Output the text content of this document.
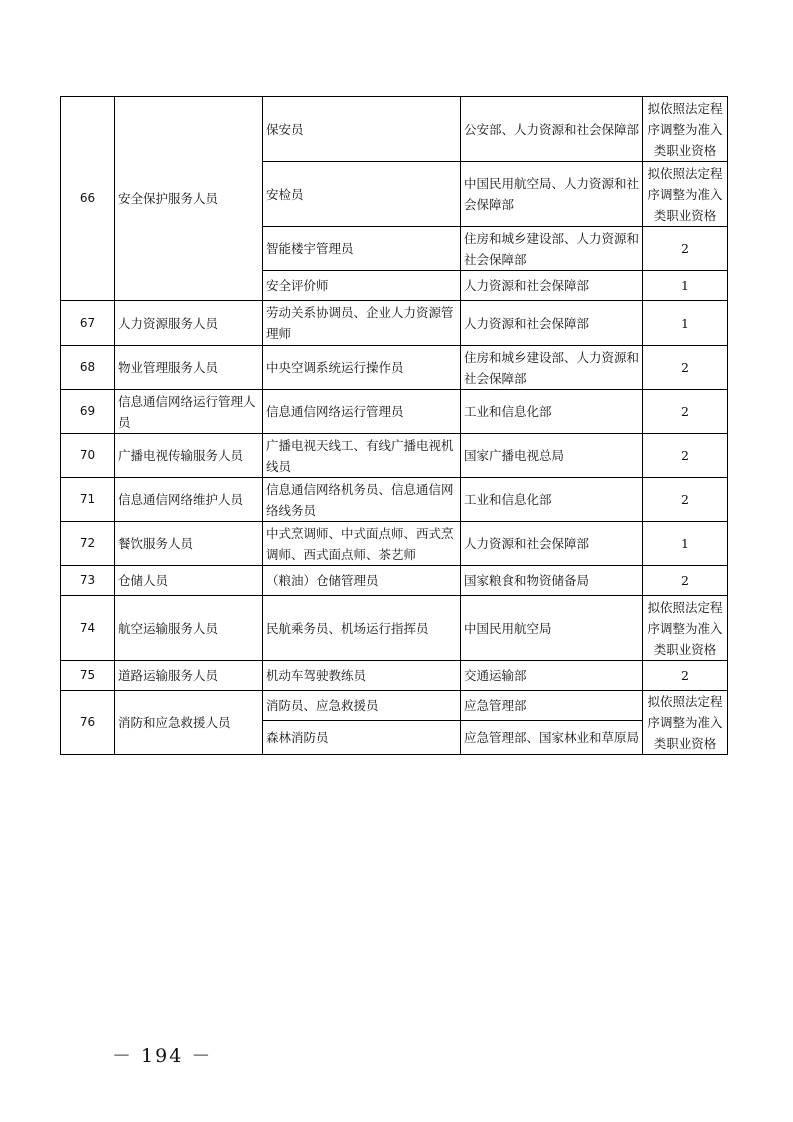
66	安全保护服务人员	保安员	公安部、人力资源和社会保障部	拟依照法定程序调整为准入类职业资格
		安检员	中国民用航空局、人力资源和社会保障部	拟依照法定程序调整为准入类职业资格
		智能楼宇管理员	住房和城乡建设部、人力资源和社会保障部	2
		安全评价师	人力资源和社会保障部	1
67	人力资源服务人员	劳动关系协调员、企业人力资源管理师	人力资源和社会保障部	1
68	物业管理服务人员	中央空调系统运行操作员	住房和城乡建设部、人力资源和社会保障部	2
69	信息通信网络运行管理人员	信息通信网络运行管理员	工业和信息化部	2
70	广播电视传输服务人员	广播电视天线工、有线广播电视机线员	国家广播电视总局	2
71	信息通信网络维护人员	信息通信网络机务员、信息通信网络线务员	工业和信息化部	2
72	餐饮服务人员	中式烹调师、中式面点师、西式烹调师、西式面点师、茶艺师	人力资源和社会保障部	1
73	仓储人员	（粮油）仓储管理员	国家粮食和物资储备局	2
74	航空运输服务人员	民航乘务员、机场运行指挥员	中国民用航空局	拟依照法定程序调整为准入类职业资格
75	道路运输服务人员	机动车驾驶教练员	交通运输部	2
76	消防和应急救援人员	消防员、应急救援员	应急管理部	拟依照法定程序调整为准入类职业资格
		森林消防员	应急管理部、国家林业和草原局	
－ 194 －
